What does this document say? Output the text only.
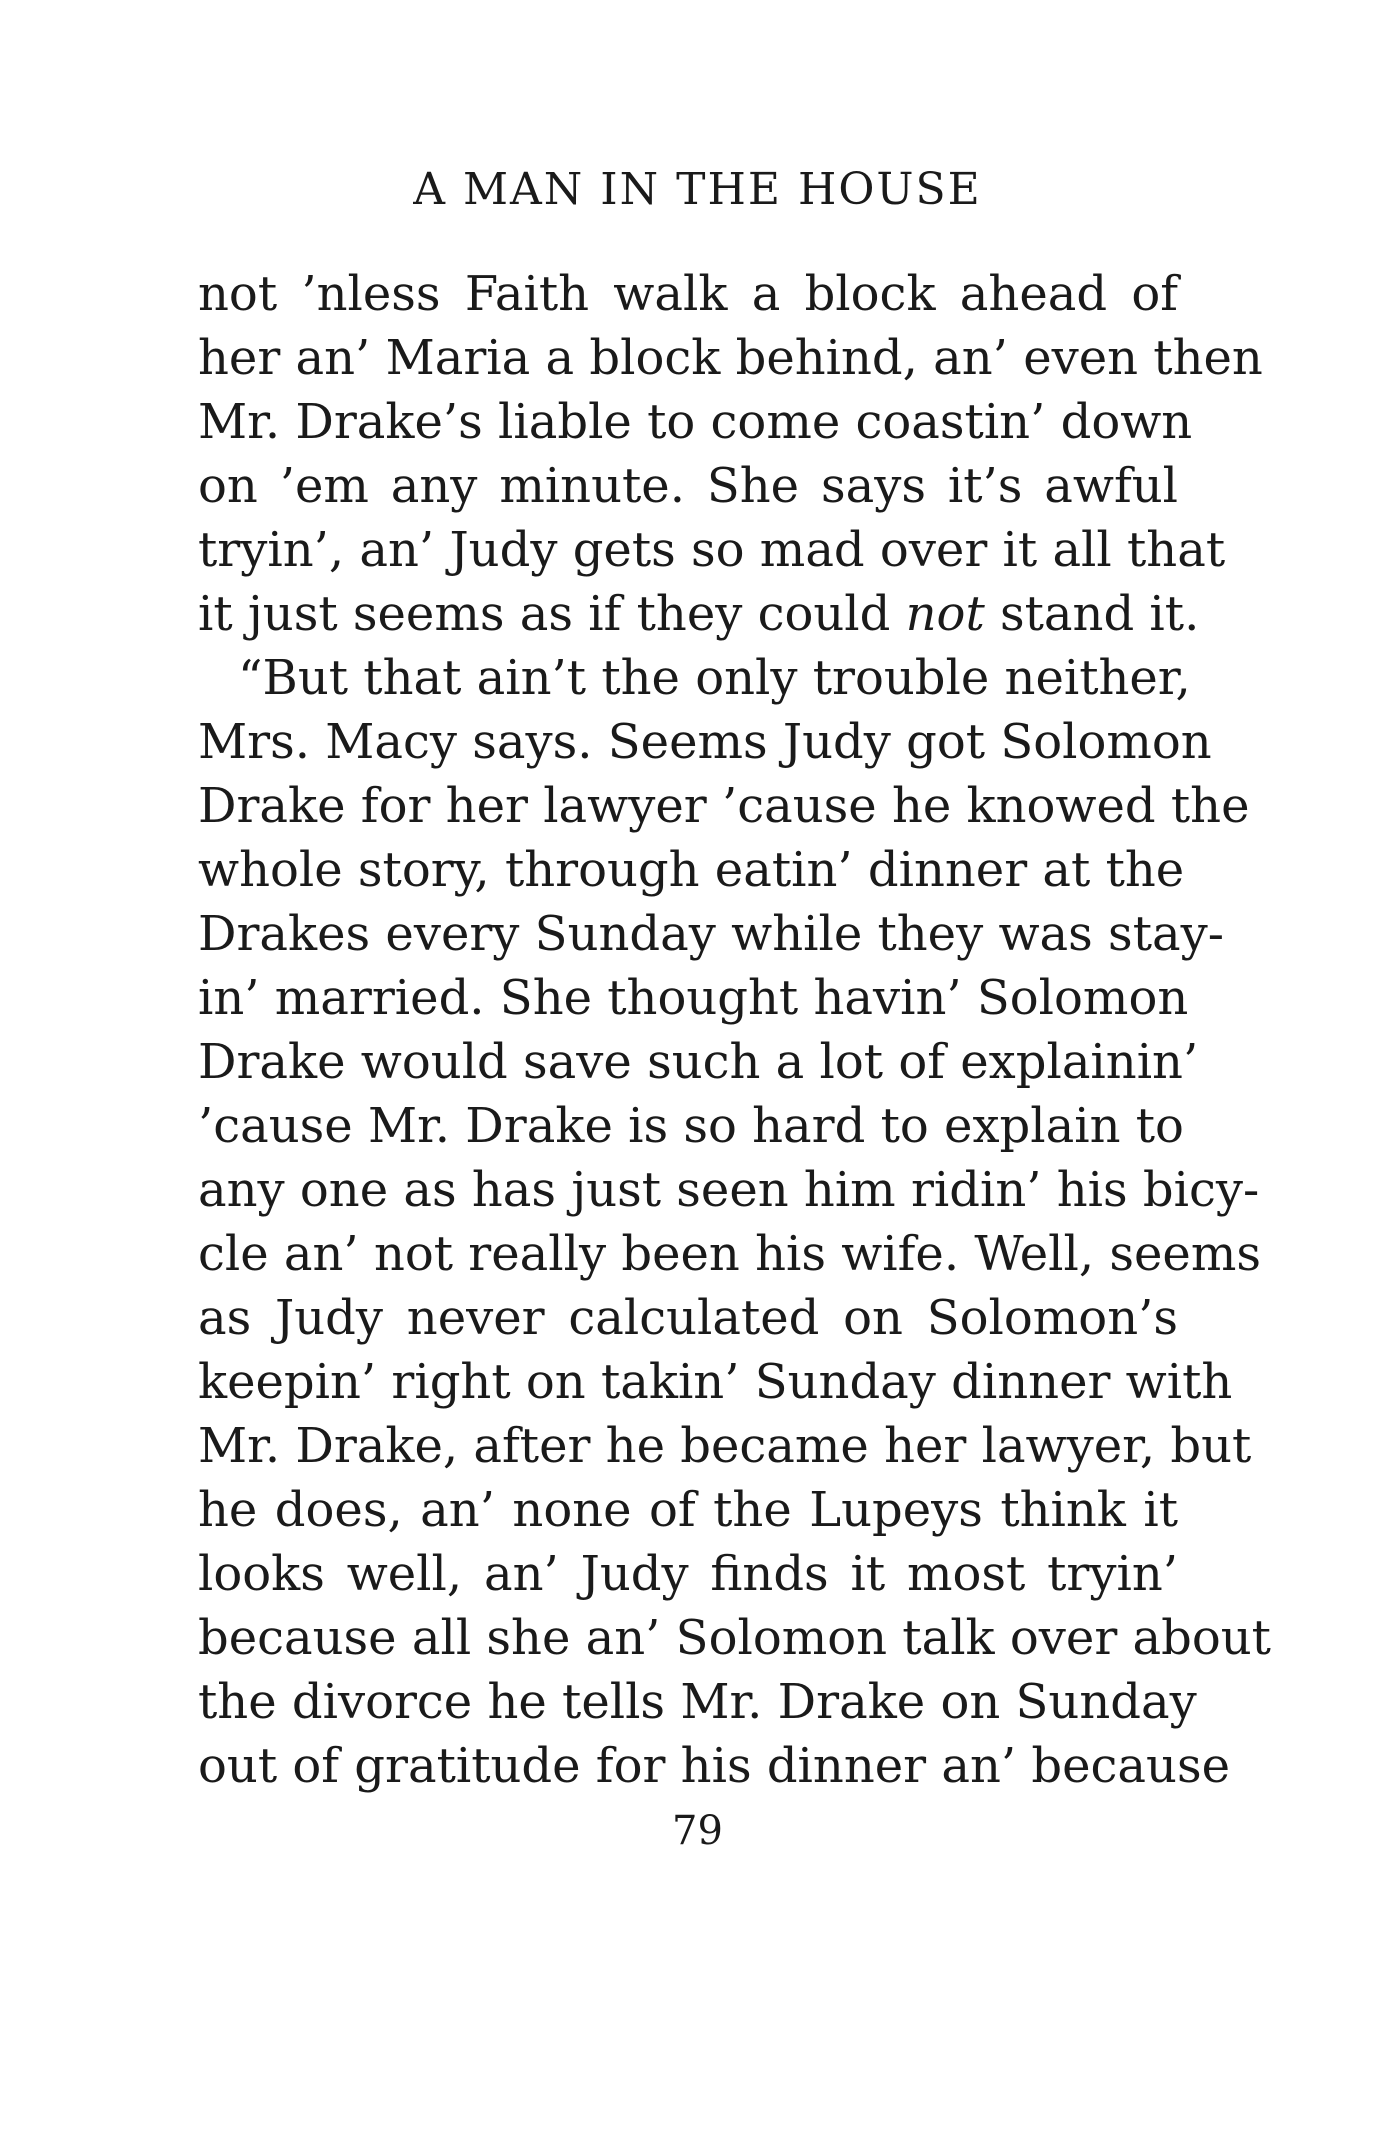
A MAN IN THE HOUSE
not ’nless Faith walk a block ahead of
her an’ Maria a block behind, an’ even then
Mr. Drake’s liable to come coastin’ down
on ’em any minute. She says it’s awful
tryin’, an’ Judy gets so mad over it all that
it just seems as if they could not stand it.
“But that ain’t the only trouble neither,
Mrs. Macy says. Seems Judy got Solomon
Drake for her lawyer ’cause he knowed the
whole story, through eatin’ dinner at the
Drakes every Sunday while they was stay-
in’ married. She thought havin’ Solomon
Drake would save such a lot of explainin’
’cause Mr. Drake is so hard to explain to
any one as has just seen him ridin’ his bicy-
cle an’ not really been his wife. Well, seems
as Judy never calculated on Solomon’s
keepin’ right on takin’ Sunday dinner with
Mr. Drake, after he became her lawyer, but
he does, an’ none of the Lupeys think it
looks well, an’ Judy finds it most tryin’
because all she an’ Solomon talk over about
the divorce he tells Mr. Drake on Sunday
out of gratitude for his dinner an’ because
79
